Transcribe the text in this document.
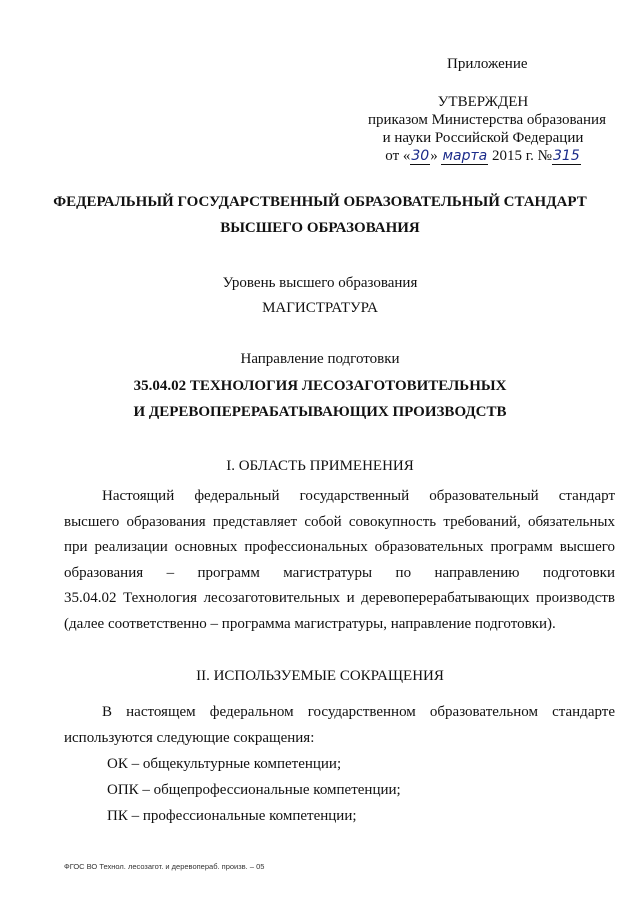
Приложение
УТВЕРЖДЕН
приказом Министерства образования
и науки Российской Федерации
от «30» марта 2015 г. №315
ФЕДЕРАЛЬНЫЙ ГОСУДАРСТВЕННЫЙ ОБРАЗОВАТЕЛЬНЫЙ СТАНДАРТ
ВЫСШЕГО ОБРАЗОВАНИЯ
Уровень высшего образования
МАГИСТРАТУРА
Направление подготовки
35.04.02 ТЕХНОЛОГИЯ ЛЕСОЗАГОТОВИТЕЛЬНЫХ
И ДЕРЕВОПЕРЕРАБАТЫВАЮЩИХ ПРОИЗВОДСТВ
I. ОБЛАСТЬ ПРИМЕНЕНИЯ
Настоящий федеральный государственный образовательный стандарт
высшего образования представляет собой совокупность требований, обязательных
при реализации основных профессиональных образовательных программ высшего
образования – программ магистратуры по направлению подготовки
35.04.02 Технология лесозаготовительных и деревоперерабатывающих производств
(далее соответственно – программа магистратуры, направление подготовки).
II. ИСПОЛЬЗУЕМЫЕ СОКРАЩЕНИЯ
В настоящем федеральном государственном образовательном стандарте
используются следующие сокращения:
ОК – общекультурные компетенции;
ОПК – общепрофессиональные компетенции;
ПК – профессиональные компетенции;
ФГОС ВО Технол. лесозагот. и деревопераб. произв. – 05
